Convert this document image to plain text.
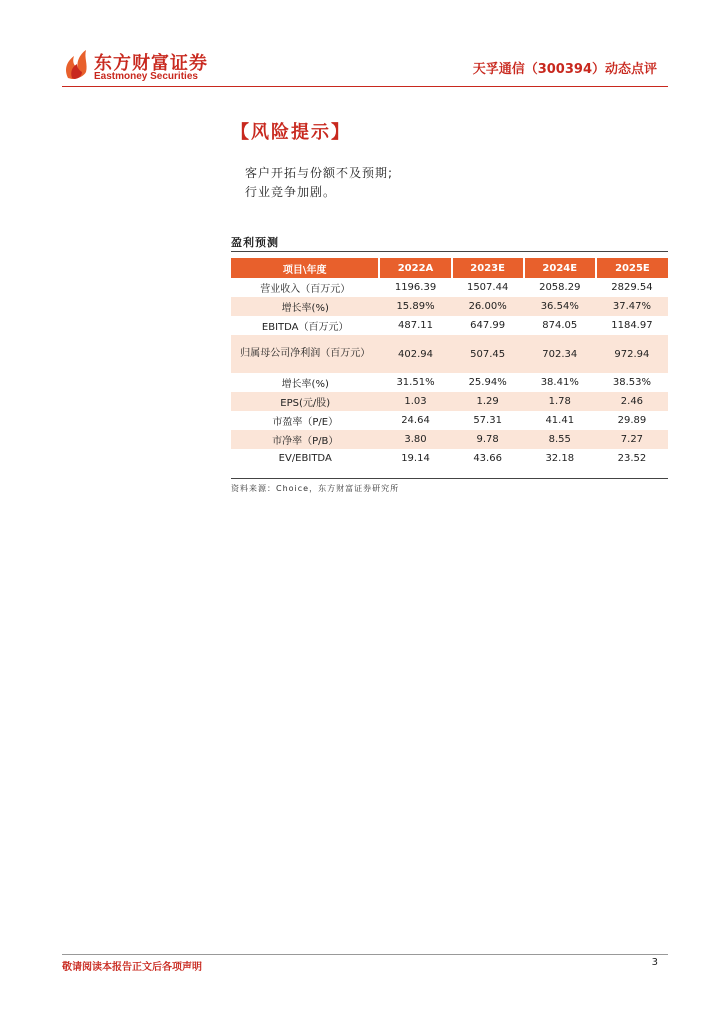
东方财富证券
Eastmoney Securities	天孚通信（300394）动态点评
【风险提示】
客户开拓与份额不及预期;
行业竞争加剧。
盈利预测
项目\年度	2022A	2023E	2024E	2025E
营业收入（百万元）	1196.39	1507.44	2058.29	2829.54
增长率(%)	15.89%	26.00%	36.54%	37.47%
EBITDA（百万元）	487.11	647.99	874.05	1184.97
归属母公司净利润（百万元）	402.94	507.45	702.34	972.94
增长率(%)	31.51%	25.94%	38.41%	38.53%
EPS(元/股)	1.03	1.29	1.78	2.46
市盈率（P/E）	24.64	57.31	41.41	29.89
市净率（P/B）	3.80	9.78	8.55	7.27
EV/EBITDA	19.14	43.66	32.18	23.52
资料来源：Choice，东方财富证券研究所
敬请阅读本报告正文后各项声明	3
